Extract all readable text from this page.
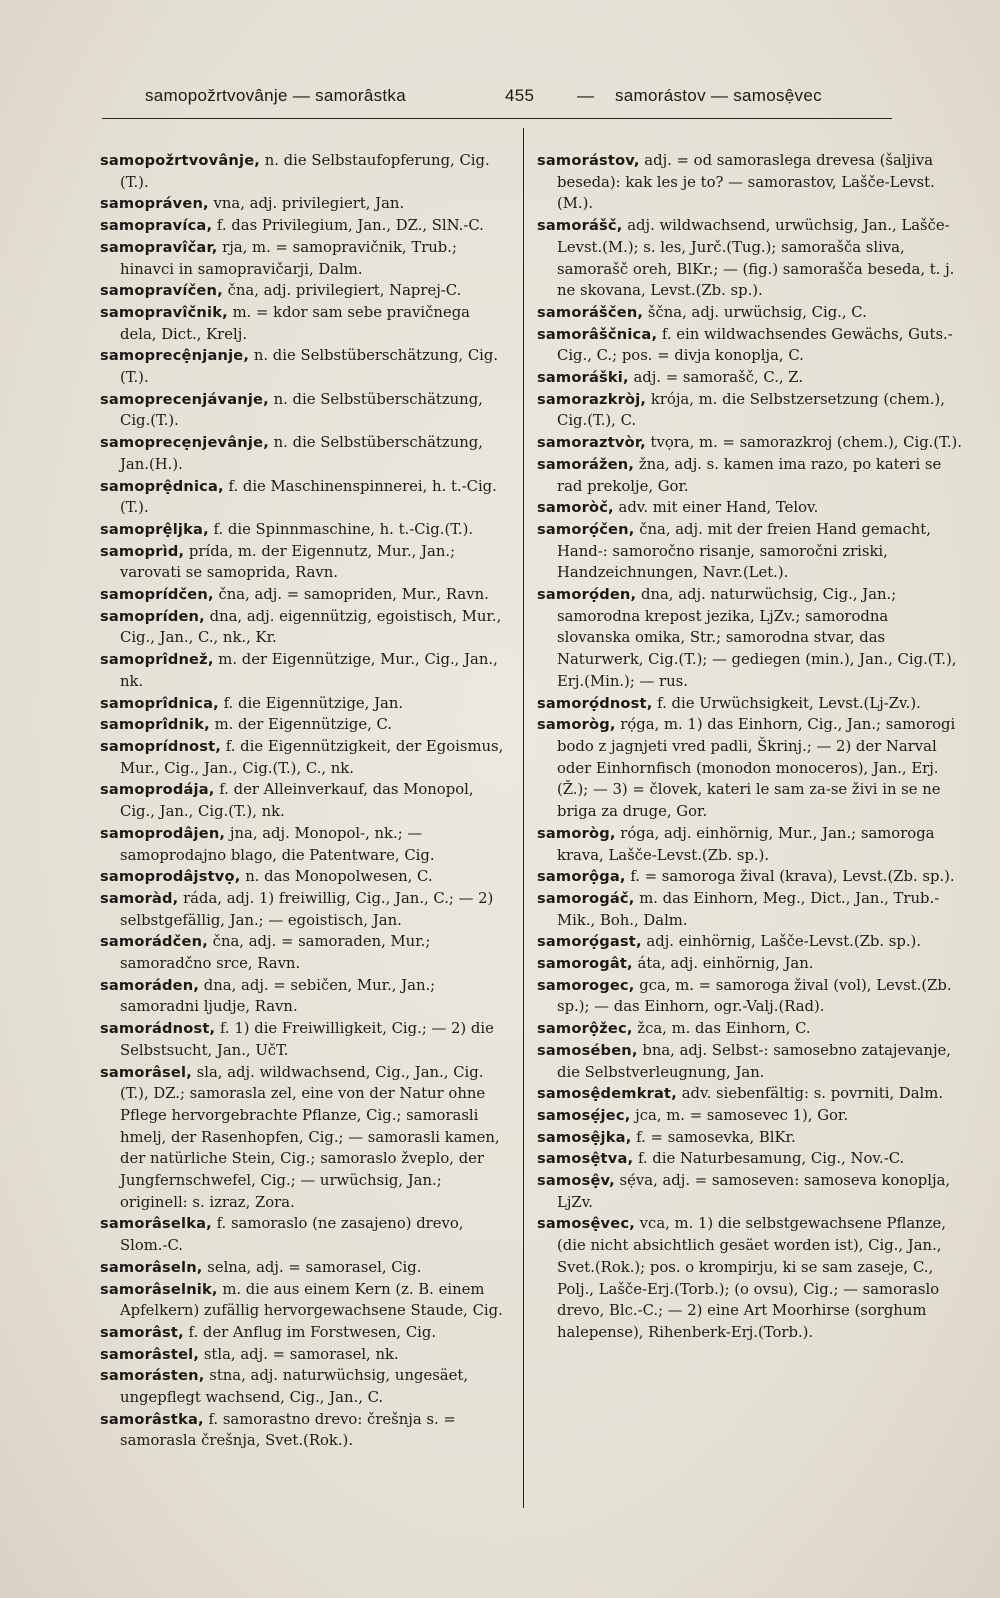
samopožrtvovânje — samorâstka	455	— samorástov — samosệvec

samopožrtvovânje, n. die Selbstaufopferung, Cig.(T.).

samopráven, vna, adj. privilegiert, Jan.

samopravíca, f. das Privilegium, Jan., DZ., SlN.-C.

samopravîčar, rja, m. = samopravičnik, Trub.; hinavci in samopravičarji, Dalm.

samopravíčen, čna, adj. privilegiert, Naprej-C.

samopravîčnik, m. = kdor sam sebe pravičnega dela, Dict., Krelj.

samoprecệnjanje, n. die Selbstüberschätzung, Cig.(T.).

samoprecenjávanje, n. die Selbstüberschätzung, Cig.(T.).

samoprecẹnjevânje, n. die Selbstüberschätzung, Jan.(H.).

samoprệdnica, f. die Maschinenspinnerei, h. t.-Cig.(T.).

samoprệljka, f. die Spinnmaschine, h. t.-Cig.(T.).

samoprìd, prída, m. der Eigennutz, Mur., Jan.; varovati se samoprida, Ravn.

samoprídčen, čna, adj. = samopriden, Mur., Ravn.

samopríden, dna, adj. eigennützig, egoistisch, Mur., Cig., Jan., C., nk., Kr.

samoprîdnež, m. der Eigennützige, Mur., Cig., Jan., nk.

samoprîdnica, f. die Eigennützige, Jan.

samoprîdnik, m. der Eigennützige, C.

samoprídnost, f. die Eigennützigkeit, der Egoismus, Mur., Cig., Jan., Cig.(T.), C., nk.

samoprodája, f. der Alleinverkauf, das Monopol, Cig., Jan., Cig.(T.), nk.

samoprodâjen, jna, adj. Monopol-, nk.; — samoprodajno blago, die Patentware, Cig.

samoprodâjstvọ, n. das Monopolwesen, C.

samoràd, ráda, adj. 1) freiwillig, Cig., Jan., C.; — 2) selbstgefällig, Jan.; — egoistisch, Jan.

samorádčen, čna, adj. = samoraden, Mur.; samoradčno srce, Ravn.

samoráden, dna, adj. = sebičen, Mur., Jan.; samoradni ljudje, Ravn.

samorádnost, f. 1) die Freiwilligkeit, Cig.; — 2) die Selbstsucht, Jan., UčT.

samorâsel, sla, adj. wildwachsend, Cig., Jan., Cig.(T.), DZ.; samorasla zel, eine von der Natur ohne Pflege hervorgebrachte Pflanze, Cig.; samorasli hmelj, der Rasenhopfen, Cig.; — samorasli kamen, der natürliche Stein, Cig.; samoraslo žveplo, der Jungfernschwefel, Cig.; — urwüchsig, Jan.; originell: s. izraz, Zora.

samorâselka, f. samoraslo (ne zasajeno) drevo, Slom.-C.

samorâseln, selna, adj. = samorasel, Cig.

samorâselnik, m. die aus einem Kern (z. B. einem Apfelkern) zufällig hervorgewachsene Staude, Cig.

samorâst, f. der Anflug im Forstwesen, Cig.

samorâstel, stla, adj. = samorasel, nk.

samorásten, stna, adj. naturwüchsig, ungesäet, ungepflegt wachsend, Cig., Jan., C.

samorâstka, f. samorastno drevo: črešnja s. = samorasla črešnja, Svet.(Rok.).

samorástov, adj. = od samoraslega drevesa (šaljiva beseda): kak les je to? — samorastov, Lašče-Levst.(M.).

samorášč, adj. wildwachsend, urwüchsig, Jan., Lašče-Levst.(M.); s. les, Jurč.(Tug.); samorašča sliva, samorašč oreh, BlKr.; — (fig.) samorašča beseda, t. j. ne skovana, Levst.(Zb. sp.).

samoráščen, ščna, adj. urwüchsig, Cig., C.

samorâščnica, f. ein wildwachsendes Gewächs, Guts.-Cig., C.; pos. = divja konoplja, C.

samoráški, adj. = samorašč, C., Z.

samorazkròj, krója, m. die Selbstzersetzung (chem.), Cig.(T.), C.

samoraztvòr, tvọra, m. = samorazkroj (chem.), Cig.(T.).

samorážen, žna, adj. s. kamen ima razo, po kateri se rad prekolje, Gor.

samoròč, adv. mit einer Hand, Telov.

samorọ́čen, čna, adj. mit der freien Hand gemacht, Hand-: samoročno risanje, samoročni zriski, Handzeichnungen, Navr.(Let.).

samorọ́den, dna, adj. naturwüchsig, Cig., Jan.; samorodna krepost jezika, LjZv.; samorodna slovanska omika, Str.; samorodna stvar, das Naturwerk, Cig.(T.); — gediegen (min.), Jan., Cig.(T.), Erj.(Min.); — rus.

samorọ́dnost, f. die Urwüchsigkeit, Levst.(Lj-Zv.).

samoròg, rọ́ga, m. 1) das Einhorn, Cig., Jan.; samorogi bodo z jagnjeti vred padli, Škrinj.; — 2) der Narval oder Einhornfisch (monodon monoceros), Jan., Erj.(Ž.); — 3) = človek, kateri le sam za-se živi in se ne briga za druge, Gor.

samoròg, róga, adj. einhörnig, Mur., Jan.; samoroga krava, Lašče-Levst.(Zb. sp.).

samorộga, f. = samoroga žival (krava), Levst.(Zb. sp.).

samorogáč, m. das Einhorn, Meg., Dict., Jan., Trub.-Mik., Boh., Dalm.

samorọ́gast, adj. einhörnig, Lašče-Levst.(Zb. sp.).

samorogât, áta, adj. einhörnig, Jan.

samorogec, gca, m. = samoroga žival (vol), Levst.(Zb. sp.); — das Einhorn, ogr.-Valj.(Rad).

samorộžec, žca, m. das Einhorn, C.

samosében, bna, adj. Selbst-: samosebno zatajevanje, die Selbstverleugnung, Jan.

samosệdemkrat, adv. siebenfältig: s. povrniti, Dalm.

samosẹ́jec, jca, m. = samosevec 1), Gor.

samosệjka, f. = samosevka, BlKr.

samosệtva, f. die Naturbesamung, Cig., Nov.-C.

samosệv, sẹ́va, adj. = samoseven: samoseva konoplja, LjZv.

samosệvec, vca, m. 1) die selbstgewachsene Pflanze, (die nicht absichtlich gesäet worden ist), Cig., Jan., Svet.(Rok.); pos. o krompirju, ki se sam zaseje, C., Polj., Lašče-Erj.(Torb.); (o ovsu), Cig.; — samoraslo drevo, Blc.-C.; — 2) eine Art Moorhirse (sorghum halepense), Rihenberk-Erj.(Torb.).
